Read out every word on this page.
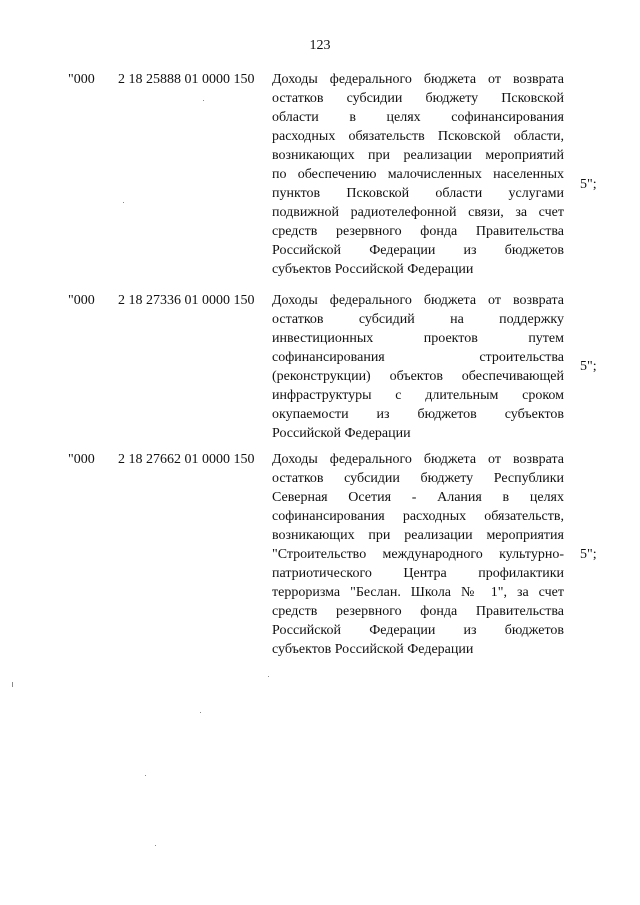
123
"000 2 18 25888 01 0000 150 Доходы федерального бюджета от возврата
остатков субсидии бюджету Псковской
области в целях софинансирования
расходных обязательств Псковской области,
возникающих при реализации мероприятий
по обеспечению малочисленных населенных
пунктов Псковской области услугами
подвижной радиотелефонной связи, за счет
средств резервного фонда Правительства
Российской Федерации из бюджетов
субъектов Российской Федерации
5";
"000 2 18 27336 01 0000 150 Доходы федерального бюджета от возврата
остатков субсидий на поддержку
инвестиционных проектов путем
софинансирования строительства
(реконструкции) объектов обеспечивающей
инфраструктуры с длительным сроком
окупаемости из бюджетов субъектов
Российской Федерации
5";
"000 2 18 27662 01 0000 150 Доходы федерального бюджета от возврата
остатков субсидии бюджету Республики
Северная Осетия - Алания в целях
софинансирования расходных обязательств,
возникающих при реализации мероприятия
"Строительство международного культурно-
патриотического Центра профилактики
терроризма "Беслан. Школа № 1", за счет
средств резервного фонда Правительства
Российской Федерации из бюджетов
субъектов Российской Федерации
5";
